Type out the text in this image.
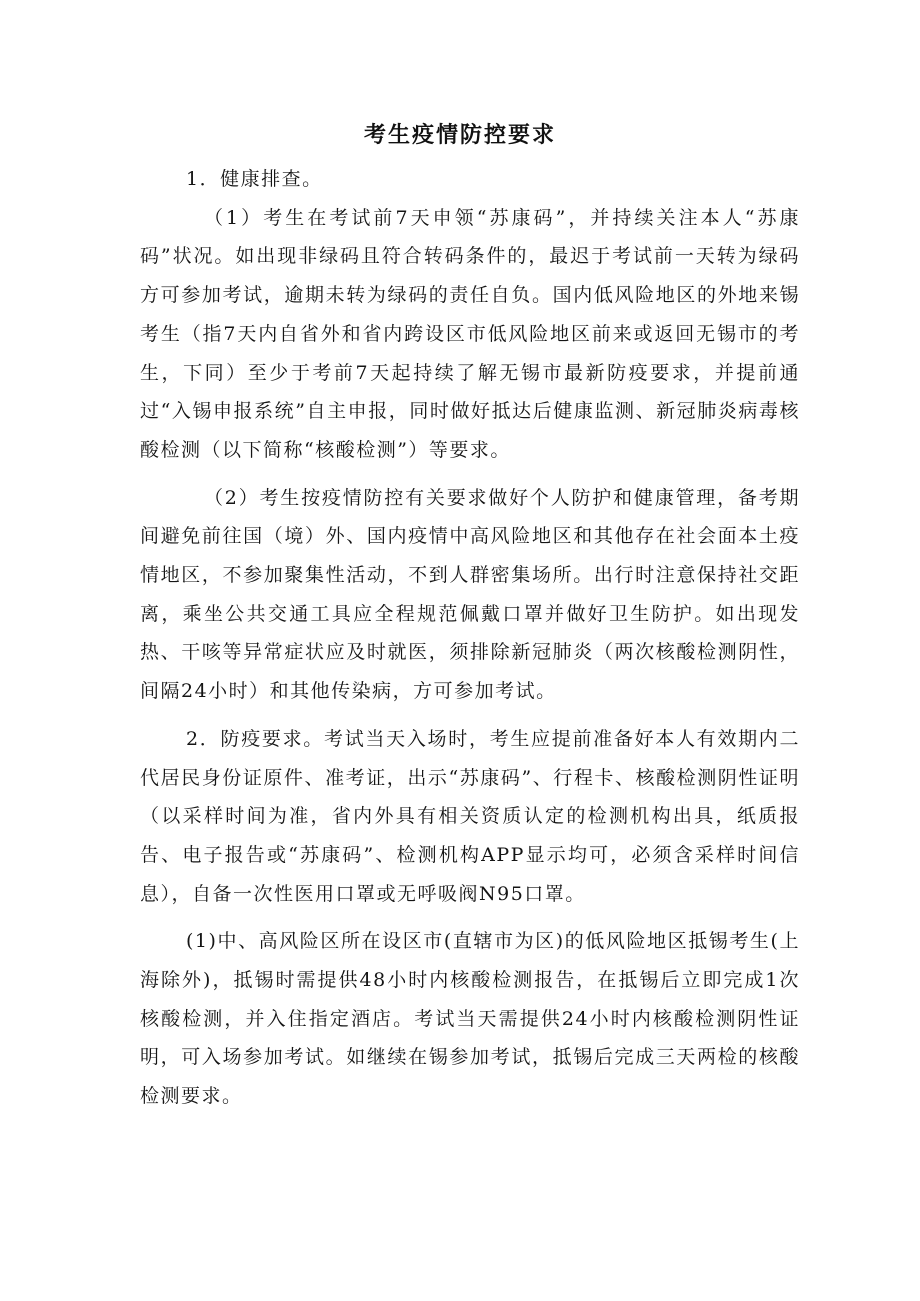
考生疫情防控要求

1．健康排查。

（1）考生在考试前7天申领“苏康码”，并持续关注本人“苏康码”状况。如出现非绿码且符合转码条件的，最迟于考试前一天转为绿码方可参加考试，逾期未转为绿码的责任自负。国内低风险地区的外地来锡考生（指7天内自省外和省内跨设区市低风险地区前来或返回无锡市的考生，下同）至少于考前7天起持续了解无锡市最新防疫要求，并提前通过“入锡申报系统”自主申报，同时做好抵达后健康监测、新冠肺炎病毒核酸检测（以下简称“核酸检测”）等要求。

（2）考生按疫情防控有关要求做好个人防护和健康管理，备考期间避免前往国（境）外、国内疫情中高风险地区和其他存在社会面本土疫情地区，不参加聚集性活动，不到人群密集场所。出行时注意保持社交距离，乘坐公共交通工具应全程规范佩戴口罩并做好卫生防护。如出现发热、干咳等异常症状应及时就医，须排除新冠肺炎（两次核酸检测阴性，间隔24小时）和其他传染病，方可参加考试。

2．防疫要求。考试当天入场时，考生应提前准备好本人有效期内二代居民身份证原件、准考证，出示“苏康码”、行程卡、核酸检测阴性证明（以采样时间为准，省内外具有相关资质认定的检测机构出具，纸质报告、电子报告或“苏康码”、检测机构APP显示均可，必须含采样时间信息），自备一次性医用口罩或无呼吸阀N95口罩。

(1)中、高风险区所在设区市(直辖市为区)的低风险地区抵锡考生(上海除外)，抵锡时需提供48小时内核酸检测报告，在抵锡后立即完成1次核酸检测，并入住指定酒店。考试当天需提供24小时内核酸检测阴性证明，可入场参加考试。如继续在锡参加考试，抵锡后完成三天两检的核酸检测要求。
